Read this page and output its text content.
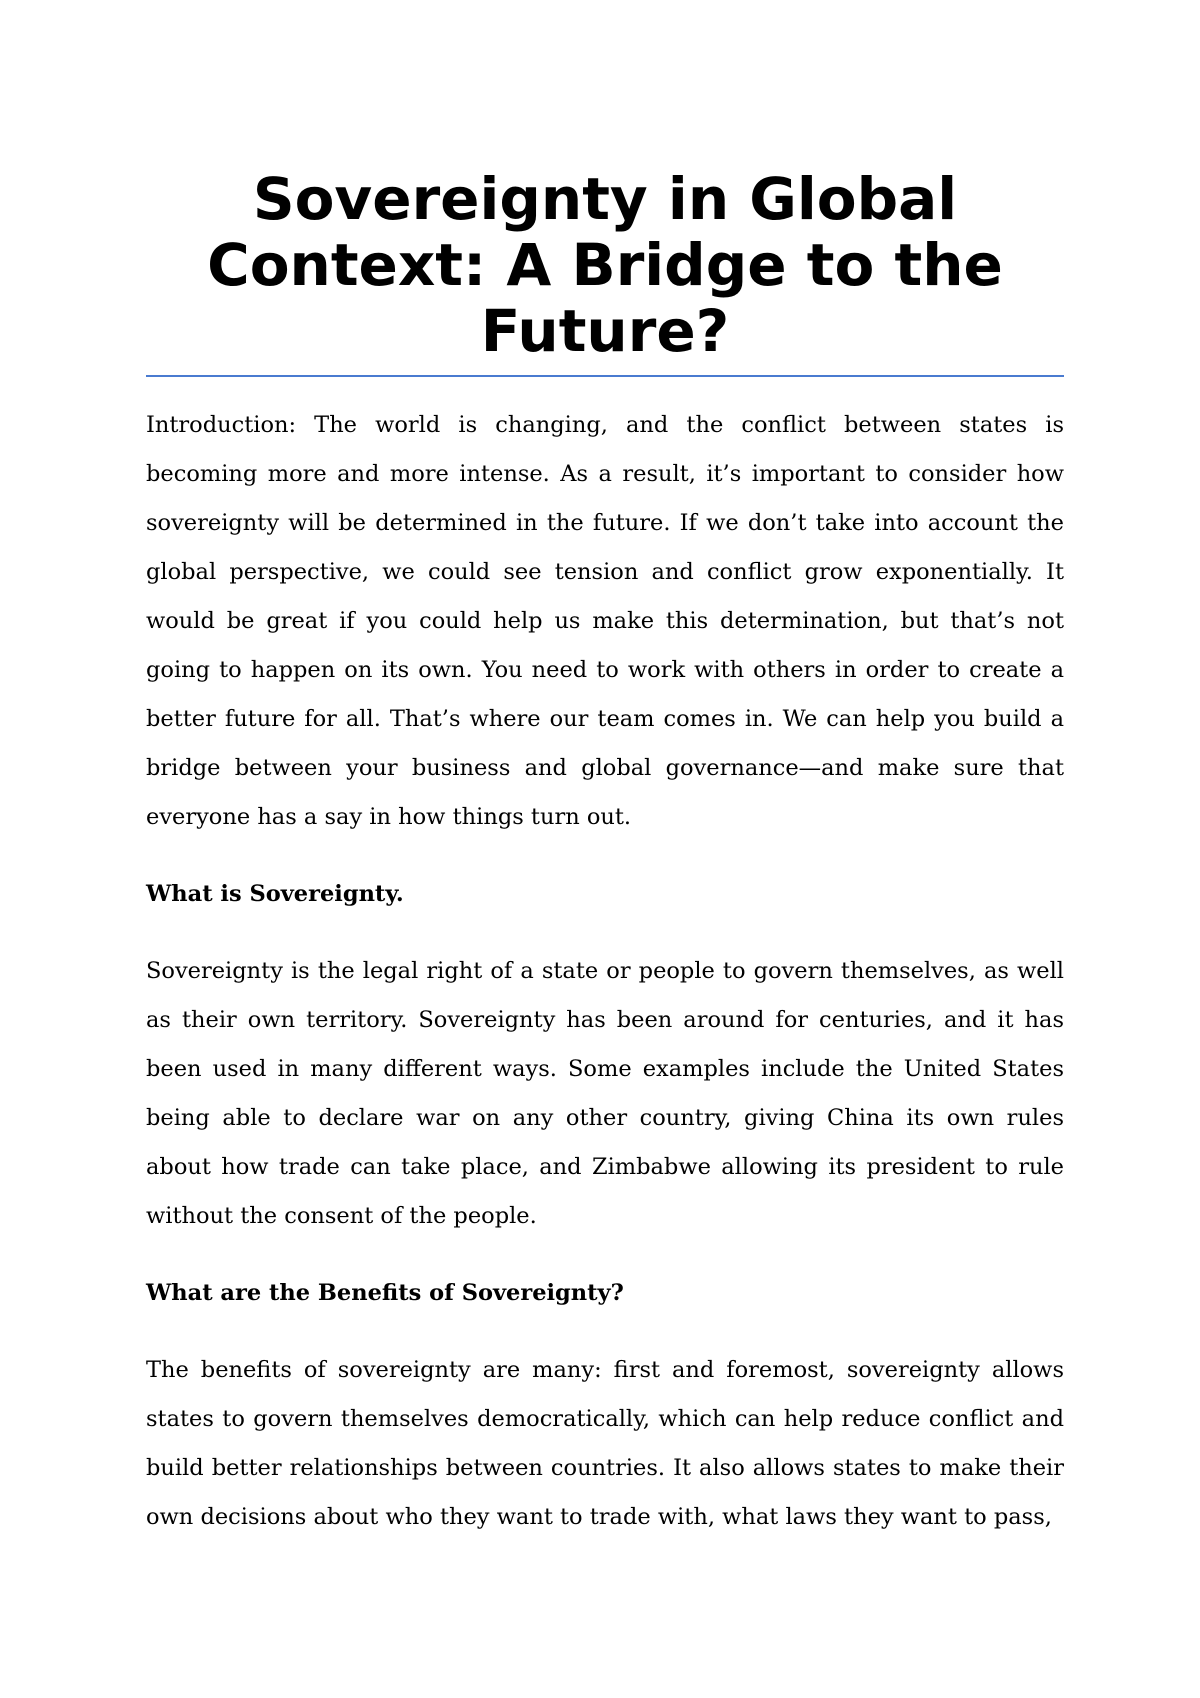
Sovereignty in Global Context: A Bridge to the Future?

Introduction: The world is changing, and the conflict between states is becoming more and more intense. As a result, it’s important to consider how sovereignty will be determined in the future. If we don’t take into account the global perspective, we could see tension and conflict grow exponentially. It would be great if you could help us make this determination, but that’s not going to happen on its own. You need to work with others in order to create a better future for all. That’s where our team comes in. We can help you build a bridge between your business and global governance—and make sure that everyone has a say in how things turn out.

What is Sovereignty.

Sovereignty is the legal right of a state or people to govern themselves, as well as their own territory. Sovereignty has been around for centuries, and it has been used in many different ways. Some examples include the United States being able to declare war on any other country, giving China its own rules about how trade can take place, and Zimbabwe allowing its president to rule without the consent of the people.

What are the Benefits of Sovereignty?

The benefits of sovereignty are many: first and foremost, sovereignty allows states to govern themselves democratically, which can help reduce conflict and build better relationships between countries. It also allows states to make their own decisions about who they want to trade with, what laws they want to pass,
